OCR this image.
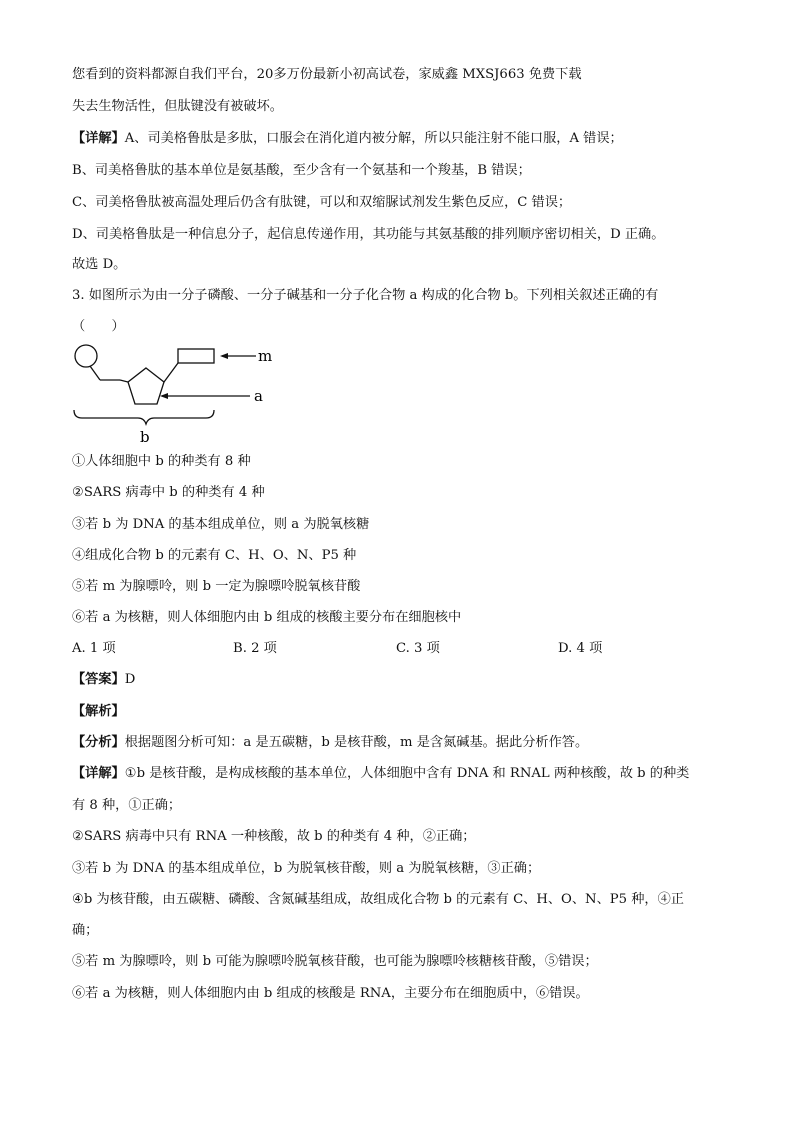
您看到的资料都源自我们平台，20多万份最新小初高试卷，家威鑫 MXSJ663 免费下载
失去生物活性，但肽键没有被破坏。
【详解】A、司美格鲁肽是多肽，口服会在消化道内被分解，所以只能注射不能口服，A 错误；
B、司美格鲁肽的基本单位是氨基酸，至少含有一个氨基和一个羧基，B 错误；
C、司美格鲁肽被高温处理后仍含有肽键，可以和双缩脲试剂发生紫色反应，C 错误；
D、司美格鲁肽是一种信息分子，起信息传递作用，其功能与其氨基酸的排列顺序密切相关，D 正确。
故选 D。
3. 如图所示为由一分子磷酸、一分子碱基和一分子化合物 a 构成的化合物 b。下列相关叙述正确的有
（　　）
m
a
b
①人体细胞中 b 的种类有 8 种
②SARS 病毒中 b 的种类有 4 种
③若 b 为 DNA 的基本组成单位，则 a 为脱氧核糖
④组成化合物 b 的元素有 C、H、O、N、P5 种
⑤若 m 为腺嘌呤，则 b 一定为腺嘌呤脱氧核苷酸
⑥若 a 为核糖，则人体细胞内由 b 组成的核酸主要分布在细胞核中
A. 1 项	B. 2 项	C. 3 项	D. 4 项
【答案】D
【解析】
【分析】根据题图分析可知：a 是五碳糖，b 是核苷酸，m 是含氮碱基。据此分析作答。
【详解】①b 是核苷酸，是构成核酸的基本单位，人体细胞中含有 DNA 和 RNAL 两种核酸，故 b 的种类
有 8 种，①正确；
②SARS 病毒中只有 RNA 一种核酸，故 b 的种类有 4 种，②正确；
③若 b 为 DNA 的基本组成单位，b 为脱氧核苷酸，则 a 为脱氧核糖，③正确；
④b 为核苷酸，由五碳糖、磷酸、含氮碱基组成，故组成化合物 b 的元素有 C、H、O、N、P5 种，④正
确；
⑤若 m 为腺嘌呤，则 b 可能为腺嘌呤脱氧核苷酸，也可能为腺嘌呤核糖核苷酸，⑤错误；
⑥若 a 为核糖，则人体细胞内由 b 组成的核酸是 RNA，主要分布在细胞质中，⑥错误。
